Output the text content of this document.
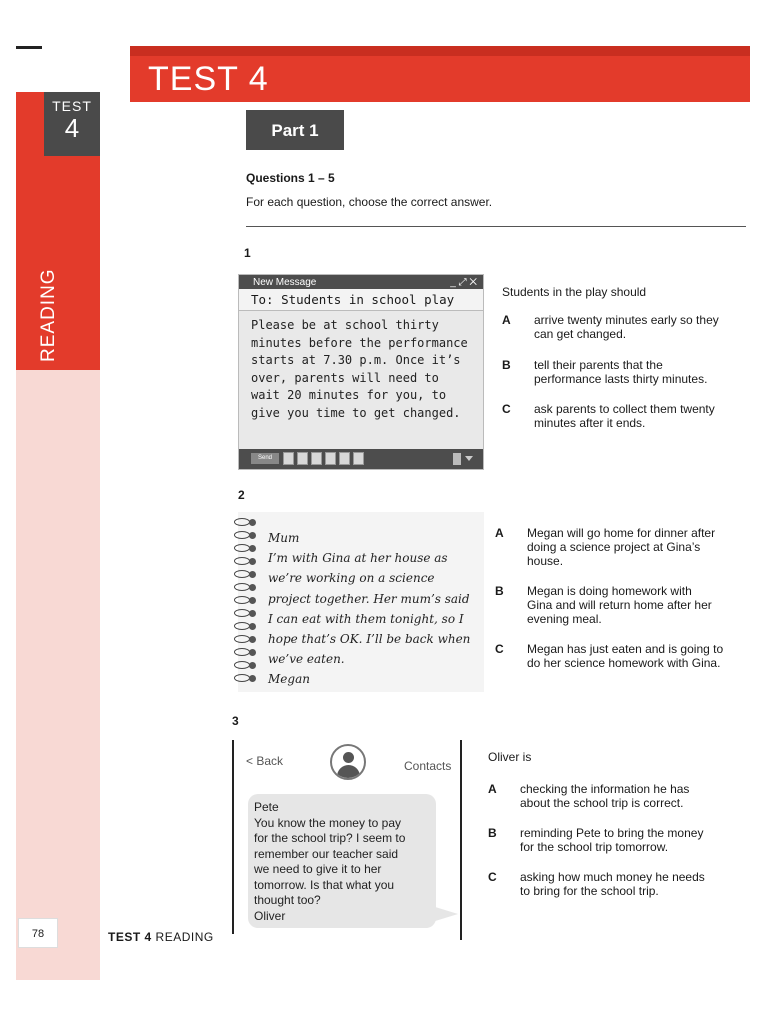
TEST
4
READING
TEST 4
Part 1
Questions 1 – 5
For each question, choose the correct answer.
1
New Message	_ ⤢ ✕
To: Students in school play
Please be at school thirty
minutes before the performance
starts at 7.30 p.m. Once it’s
over, parents will need to
wait 20 minutes for you, to
give you time to get changed.
Send
Students in the play should
A arrive twenty minutes early so they
can get changed.
B tell their parents that the
performance lasts thirty minutes.
C ask parents to collect them twenty
minutes after it ends.
2
Mum
I’m with Gina at her house as
we’re working on a science
project together. Her mum’s said
I can eat with them tonight, so I
hope that’s OK. I’ll be back when
we’ve eaten.
Megan
A Megan will go home for dinner after
doing a science project at Gina’s
house.
B Megan is doing homework with
Gina and will return home after her
evening meal.
C Megan has just eaten and is going to
do her science homework with Gina.
3
< Back	Contacts
Pete
You know the money to pay
for the school trip? I seem to
remember our teacher said
we need to give it to her
tomorrow. Is that what you
thought too?
Oliver
Oliver is
A checking the information he has
about the school trip is correct.
B reminding Pete to bring the money
for the school trip tomorrow.
C asking how much money he needs
to bring for the school trip.
78	TEST 4 READING
